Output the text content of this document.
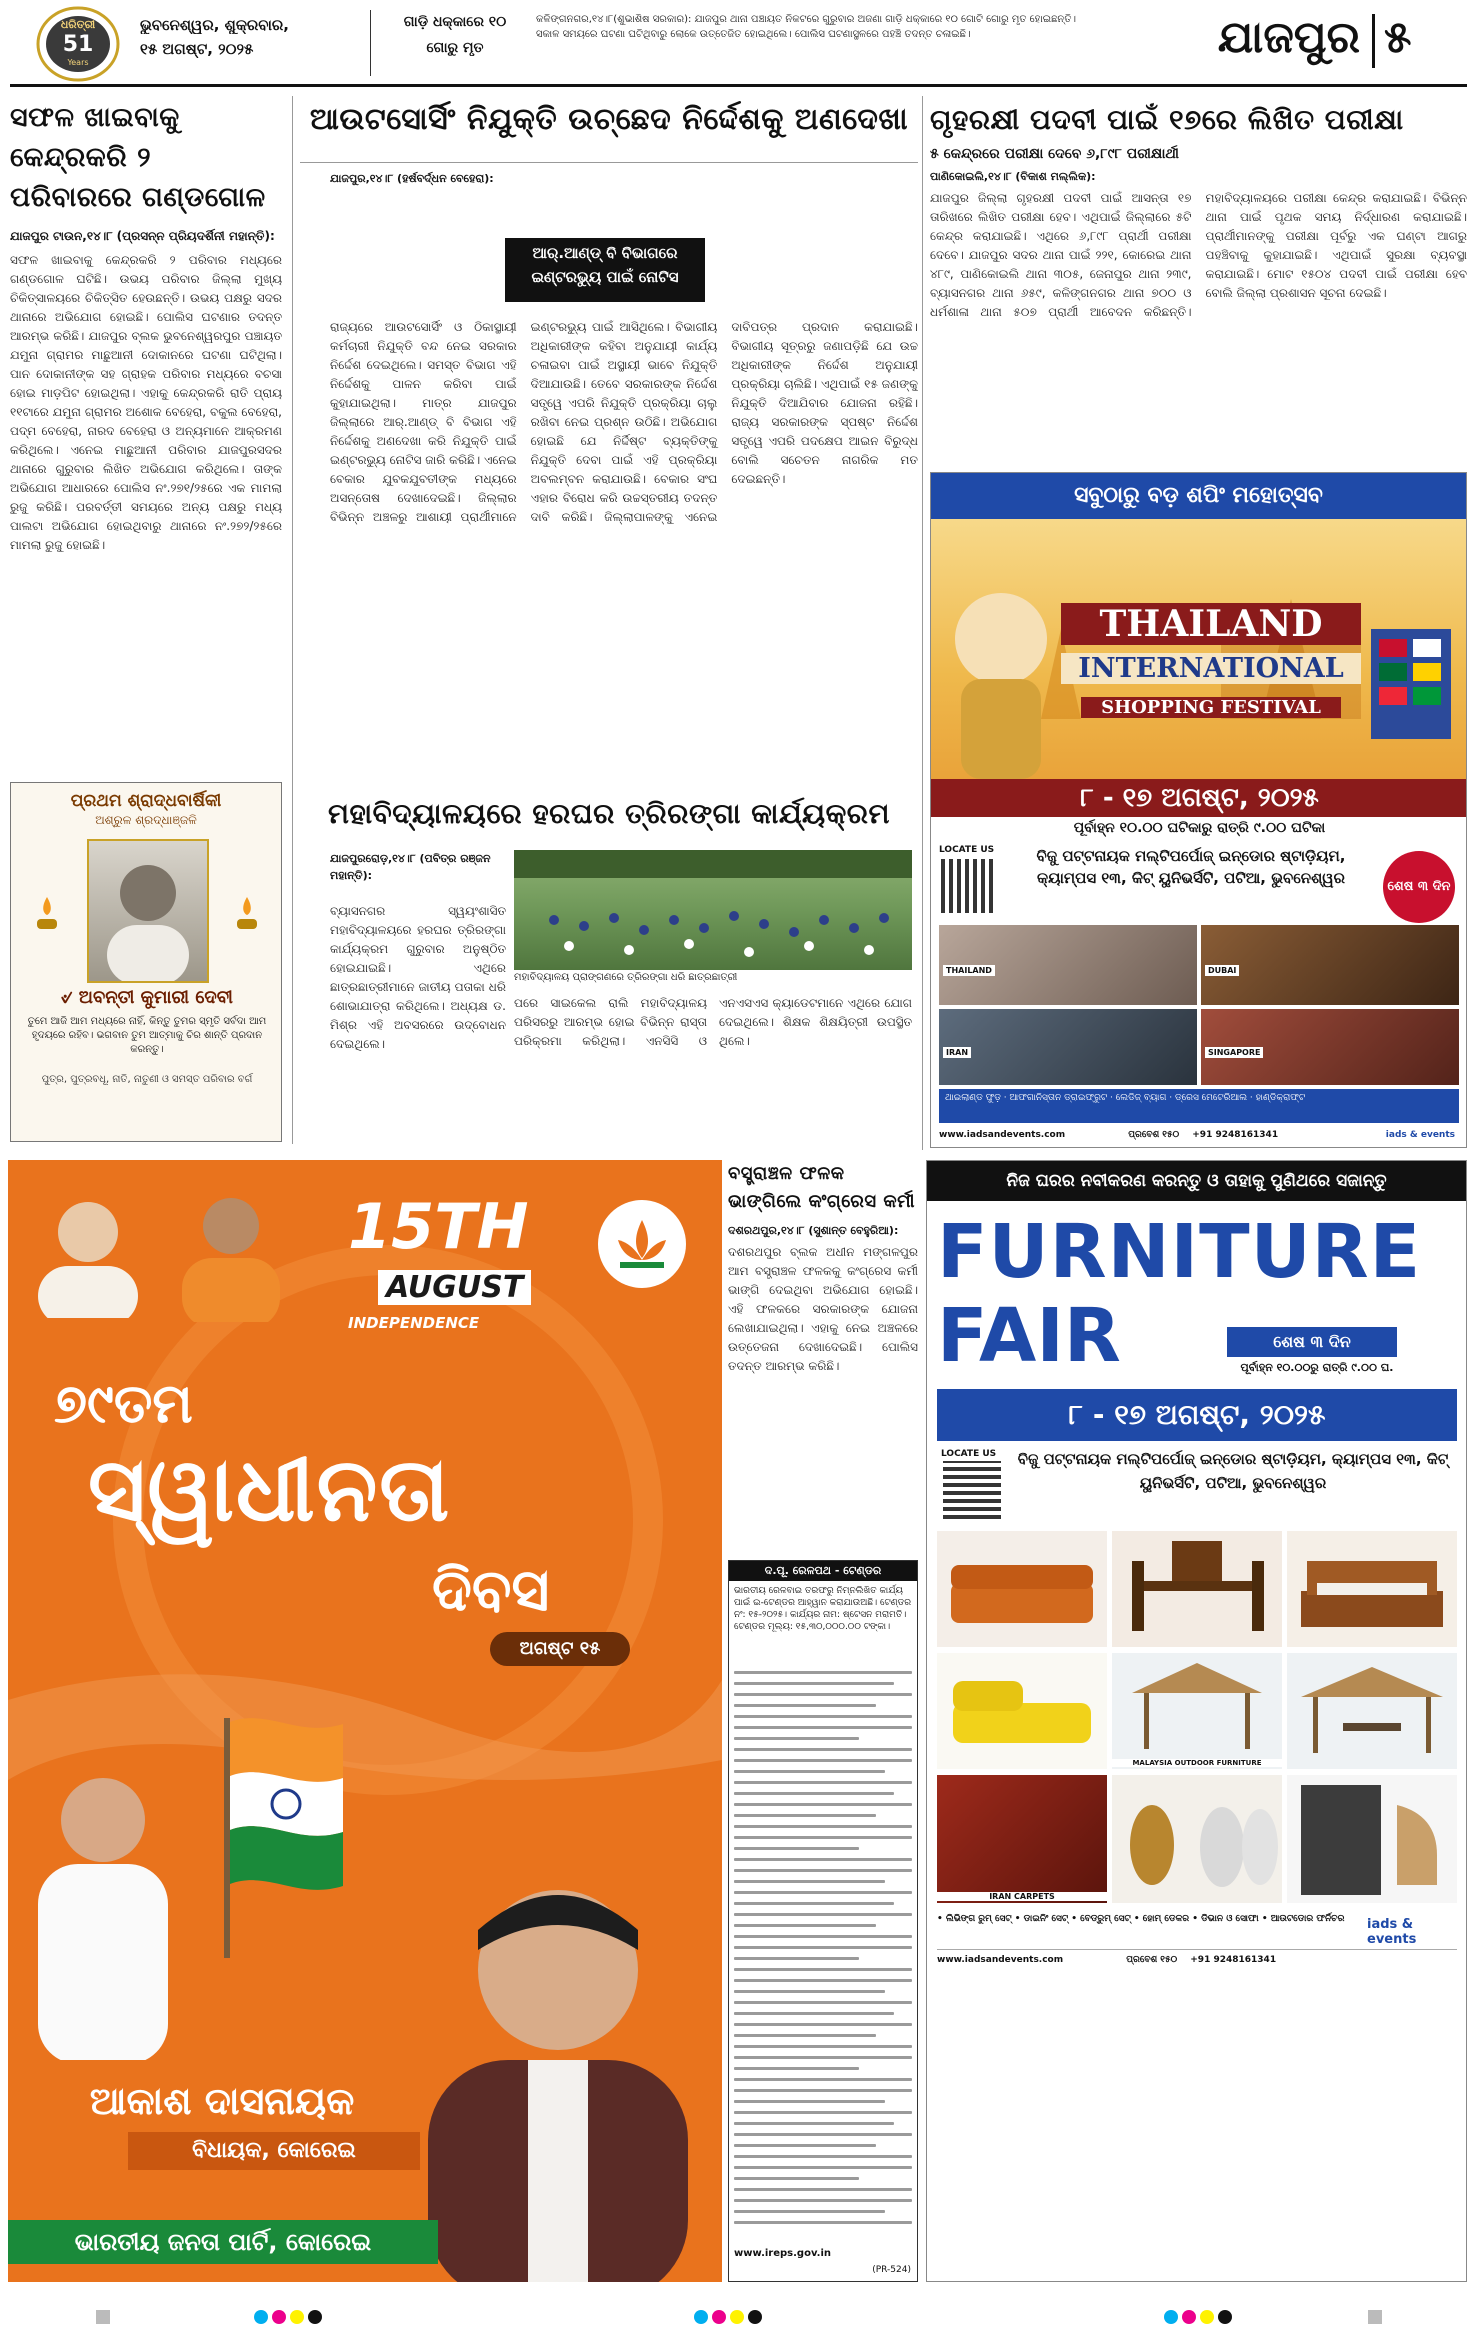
ଧରିତ୍ରୀ
51
Years
ଭୁବନେଶ୍ୱର, ଶୁକ୍ରବାର,
୧୫ ଅଗଷ୍ଟ, ୨୦୨୫
ଗାଡ଼ି ଧକ୍କାରେ ୧୦
ଗୋରୁ ମୃତ
କଳିଙ୍ଗନଗର,୧୪।୮(ଶୁଭାଶିଷ ସରକାର): ଯାଜପୁର ଥାନା ପଞ୍ଚାୟତ ନିକଟରେ ଗୁରୁବାର ଅଜଣା ଗାଡ଼ି ଧକ୍କାରେ ୧୦ ଗୋଟି ଗୋରୁ ମୃତ ହୋଇଛନ୍ତି। ସକାଳ ସମୟରେ ଘଟଣା ଘଟିଥିବାରୁ ଲୋକେ ଉତ୍ତେଜିତ ହୋଇଥିଲେ। ପୋଲିସ ଘଟଣାସ୍ଥଳରେ ପହଞ୍ଚି ତଦନ୍ତ ଚଳାଇଛି।	ଯାଜପୁର ୫
ସଫଳ ଖାଇବାକୁ କେନ୍ଦ୍ରକରି ୨ ପରିବାରରେ ଗଣ୍ଡଗୋଳ
ଯାଜପୁର ଟାଉନ,୧୪।୮ (ପ୍ରସନ୍ନ ପ୍ରିୟଦର୍ଶିନୀ ମହାନ୍ତି):
ସଫଳ ଖାଇବାକୁ କେନ୍ଦ୍ରକରି ୨ ପରିବାର ମଧ୍ୟରେ ଗଣ୍ଡଗୋଳ ଘଟିଛି। ଉଭୟ ପରିବାର ଜିଲ୍ଲା ମୁଖ୍ୟ ଚିକିତ୍ସାଳୟରେ ଚିକିତ୍ସିତ ହେଉଛନ୍ତି। ଉଭୟ ପକ୍ଷରୁ ସଦର ଥାନାରେ ଅଭିଯୋଗ ହୋଇଛି। ପୋଲିସ ଘଟଣାର ତଦନ୍ତ ଆରମ୍ଭ କରିଛି। ଯାଜପୁର ବ୍ଲକ ଭୁବନେଶ୍ୱରପୁର ପଞ୍ଚାୟତ ଯମୁନା ଗ୍ରାମର ମାଛୁଆନୀ ଦୋକାନରେ ଘଟଣା ଘଟିଥିଲା। ପାନ ଦୋକାନୀଙ୍କ ସହ ଗ୍ରାହକ ପରିବାର ମଧ୍ୟରେ ବଚସା ହୋଇ ମାଡ଼ପିଟ ହୋଇଥିଲା। ଏହାକୁ କେନ୍ଦ୍ରକରି ରାତି ପ୍ରାୟ ୧୧ଟାରେ ଯମୁନା ଗ୍ରାମର ଅଶୋକ ବେହେରା, ବକୁଲ ବେହେରା, ପଦ୍ମ ବେହେରା, ନାରଦ ବେହେରା ଓ ଅନ୍ୟମାନେ ଆକ୍ରମଣ କରିଥିଲେ। ଏନେଇ ମାଛୁଆନୀ ପରିବାର ଯାଜପୁରସଦର ଥାନାରେ ଗୁରୁବାର ଲିଖିତ ଅଭିଯୋଗ କରିଥିଲେ। ତାଙ୍କ ଅଭିଯୋଗ ଆଧାରରେ ପୋଲିସ ନଂ.୨୭୧/୨୫ରେ ଏକ ମାମଲା ରୁଜୁ କରିଛି। ପରବର୍ତ୍ତୀ ସମୟରେ ଅନ୍ୟ ପକ୍ଷରୁ ମଧ୍ୟ ପାଲଟା ଅଭିଯୋଗ ହୋଇଥିବାରୁ ଥାନାରେ ନଂ.୨୭୨/୨୫ରେ ମାମଲା ରୁଜୁ ହୋଇଛି।
ପ୍ରଥମ ଶ୍ରାଦ୍ଧବାର୍ଷିକୀ
ଅଶ୍ରୁଳ ଶ୍ରଦ୍ଧାଞ୍ଜଳି
୰ ଅବନ୍ତୀ କୁମାରୀ ଦେବୀ
ତୁମେ ଆଜି ଆମ ମଧ୍ୟରେ ନାହିଁ, କିନ୍ତୁ ତୁମର ସ୍ମୃତି ସର୍ବଦା ଆମ ହୃଦୟରେ ରହିବ। ଭଗବାନ ତୁମ ଆତ୍ମାକୁ ଚିର ଶାନ୍ତି ପ୍ରଦାନ କରନ୍ତୁ।
ପୁତ୍ର, ପୁତ୍ରବଧୂ, ନାତି, ନାତୁଣୀ ଓ ସମସ୍ତ ପରିବାର ବର୍ଗ
ଆଉଟସୋର୍ସିଂ ନିଯୁକ୍ତି ଉଚ୍ଛେଦ ନିର୍ଦ୍ଦେଶକୁ ଅଣଦେଖା
ଯାଜପୁର,୧୪।୮ (ହର୍ଷବର୍ଦ୍ଧନ ବେହେରା):
ଆର୍.ଆଣ୍ଡ୍ ବି ବିଭାଗରେ
ଇଣ୍ଟରଭ୍ୟୁ ପାଇଁ ନୋଟିସ
ରାଜ୍ୟରେ ଆଉଟସୋର୍ସିଂ ଓ ଠିକାସ୍ଥାୟୀ କର୍ମଚାରୀ ନିଯୁକ୍ତି ବନ୍ଦ ନେଇ ସରକାର ନିର୍ଦ୍ଦେଶ ଦେଇଥିଲେ। ସମସ୍ତ ବିଭାଗ ଏହି ନିର୍ଦ୍ଦେଶକୁ ପାଳନ କରିବା ପାଇଁ କୁହାଯାଇଥିଲା। ମାତ୍ର ଯାଜପୁର ଜିଲ୍ଲାରେ ଆର୍.ଆଣ୍ଡ୍ ବି ବିଭାଗ ଏହି ନିର୍ଦ୍ଦେଶକୁ ଅଣଦେଖା କରି ନିଯୁକ୍ତି ପାଇଁ ଇଣ୍ଟରଭ୍ୟୁ ନୋଟିସ ଜାରି କରିଛି। ଏନେଇ ବେକାର ଯୁବକଯୁବତୀଙ୍କ ମଧ୍ୟରେ ଅସନ୍ତୋଷ ଦେଖାଦେଇଛି। ଜିଲ୍ଲାର ବିଭିନ୍ନ ଅଞ୍ଚଳରୁ ଆଶାୟୀ ପ୍ରାର୍ଥୀମାନେ ଇଣ୍ଟରଭ୍ୟୁ ପାଇଁ ଆସିଥିଲେ। ବିଭାଗୀୟ ଅଧିକାରୀଙ୍କ କହିବା ଅନୁଯାୟୀ କାର୍ଯ୍ୟ ଚଳାଇବା ପାଇଁ ଅସ୍ଥାୟୀ ଭାବେ ନିଯୁକ୍ତି ଦିଆଯାଉଛି। ତେବେ ସରକାରଙ୍କ ନିର୍ଦ୍ଦେଶ ସତ୍ତ୍ୱେ ଏପରି ନିଯୁକ୍ତି ପ୍ରକ୍ରିୟା ଚାଲୁ ରଖିବା ନେଇ ପ୍ରଶ୍ନ ଉଠିଛି। ଅଭିଯୋଗ ହୋଇଛି ଯେ ନିର୍ଦ୍ଦିଷ୍ଟ ବ୍ୟକ୍ତିଙ୍କୁ ନିଯୁକ୍ତି ଦେବା ପାଇଁ ଏହି ପ୍ରକ୍ରିୟା ଅବଲମ୍ବନ କରାଯାଉଛି। ବେକାର ସଂଘ ଏହାର ବିରୋଧ କରି ଉଚ୍ଚସ୍ତରୀୟ ତଦନ୍ତ ଦାବି କରିଛି। ଜିଲ୍ଲାପାଳଙ୍କୁ ଏନେଇ ଦାବିପତ୍ର ପ୍ରଦାନ କରାଯାଇଛି। ବିଭାଗୀୟ ସୂତ୍ରରୁ ଜଣାପଡ଼ିଛି ଯେ ଉଚ୍ଚ ଅଧିକାରୀଙ୍କ ନିର୍ଦ୍ଦେଶ ଅନୁଯାୟୀ ପ୍ରକ୍ରିୟା ଚାଲିଛି। ଏଥିପାଇଁ ୧୫ ଜଣଙ୍କୁ ନିଯୁକ୍ତି ଦିଆଯିବାର ଯୋଜନା ରହିଛି। ରାଜ୍ୟ ସରକାରଙ୍କ ସ୍ପଷ୍ଟ ନିର୍ଦ୍ଦେଶ ସତ୍ତ୍ୱେ ଏପରି ପଦକ୍ଷେପ ଆଇନ ବିରୁଦ୍ଧ ବୋଲି ସଚେତନ ନାଗରିକ ମତ ଦେଇଛନ୍ତି।
ଗୃହରକ୍ଷୀ ପଦବୀ ପାଇଁ ୧୭ରେ ଲିଖିତ ପରୀକ୍ଷା
୫ କେନ୍ଦ୍ରରେ ପରୀକ୍ଷା ଦେବେ ୬,୮୯୮ ପରୀକ୍ଷାର୍ଥୀ
ପାଣିକୋଇଲି,୧୪।୮ (ବିକାଶ ମଲ୍ଲିକ):
ଯାଜପୁର ଜିଲ୍ଲା ଗୃହରକ୍ଷୀ ପଦବୀ ପାଇଁ ଆସନ୍ତା ୧୭ ତାରିଖରେ ଲିଖିତ ପରୀକ୍ଷା ହେବ। ଏଥିପାଇଁ ଜିଲ୍ଲାରେ ୫ଟି କେନ୍ଦ୍ର କରାଯାଇଛି। ଏଥିରେ ୬,୮୯୮ ପ୍ରାର୍ଥୀ ପରୀକ୍ଷା ଦେବେ। ଯାଜପୁର ସଦର ଥାନା ପାଇଁ ୨୨୧, କୋରେଇ ଥାନା ୪୮୯, ପାଣିକୋଇଲି ଥାନା ୩୦୫, ଜେନାପୁର ଥାନା ୨୩୯, ବ୍ୟାସନଗର ଥାନା ୬୫୯, କଳିଙ୍ଗନଗର ଥାନା ୭୦୦ ଓ ଧର୍ମଶାଳା ଥାନା ୫୦୭ ପ୍ରାର୍ଥୀ ଆବେଦନ କରିଛନ୍ତି। ମହାବିଦ୍ୟାଳୟରେ ପରୀକ୍ଷା କେନ୍ଦ୍ର କରାଯାଇଛି। ବିଭିନ୍ନ ଥାନା ପାଇଁ ପୃଥକ ସମୟ ନିର୍ଦ୍ଧାରଣ କରାଯାଇଛି। ପ୍ରାର୍ଥୀମାନଙ୍କୁ ପରୀକ୍ଷା ପୂର୍ବରୁ ଏକ ଘଣ୍ଟା ଆଗରୁ ପହଞ୍ଚିବାକୁ କୁହାଯାଇଛି। ଏଥିପାଇଁ ସୁରକ୍ଷା ବ୍ୟବସ୍ଥା କରାଯାଇଛି। ମୋଟ ୧୫୦୪ ପଦବୀ ପାଇଁ ପରୀକ୍ଷା ହେବ ବୋଲି ଜିଲ୍ଲା ପ୍ରଶାସନ ସୂଚନା ଦେଇଛି।
ସବୁଠାରୁ ବଡ଼ ଶପିଂ ମହୋତ୍ସବ
THAILAND
INTERNATIONAL
SHOPPING FESTIVAL
୮ - ୧୭ ଅଗଷ୍ଟ, ୨୦୨୫
ପୂର୍ବାହ୍ନ ୧୦.୦୦ ଘଟିକାରୁ ରାତ୍ରି ୯.୦୦ ଘଟିକା
LOCATE US	ବିଜୁ ପଟ୍ଟନାୟକ ମଲ୍ଟିପର୍ପୋଜ୍ ଇନ୍‌ଡୋର ଷ୍ଟାଡ଼ିୟମ, କ୍ୟାମ୍ପସ ୧୩, କିଟ୍ ୟୁନିଭର୍ସିଟି, ପଟିଆ, ଭୁବନେଶ୍ୱର	ଶେଷ ୩ ଦିନ
THAILAND	DUBAI
IRAN	SINGAPORE
ଥାଇଲାଣ୍ଡ ଫୁଡ଼ · ଆଫଗାନିସ୍ତାନ ଡ୍ରାଇଫ୍ରୁଟ · ଲେଡିଜ୍ ବ୍ୟାଗ · ଡ୍ରେସ ମେଟେରିଆଲ · ହାଣ୍ଡିକ୍ରାଫ୍ଟ
www.iadsandevents.com	ପ୍ରବେଶ ୧୫୦ +91 9248161341	iads & events
ମହାବିଦ୍ୟାଳୟରେ ହରଘର ତ୍ରିରଙ୍ଗା କାର୍ଯ୍ୟକ୍ରମ
ଯାଜପୁରରୋଡ଼,୧୪।୮ (ପବିତ୍ର ରଞ୍ଜନ ମହାନ୍ତି):
ବ୍ୟାସନଗର ସ୍ୱୟଂଶାସିତ ମହାବିଦ୍ୟାଳୟରେ ହରଘର ତ୍ରିରଙ୍ଗା କାର୍ଯ୍ୟକ୍ରମ ଗୁରୁବାର ଅନୁଷ୍ଠିତ ହୋଇଯାଇଛି। ଏଥିରେ ଛାତ୍ରଛାତ୍ରୀମାନେ ଜାତୀୟ ପତାକା ଧରି ଶୋଭାଯାତ୍ରା କରିଥିଲେ। ଅଧ୍ୟକ୍ଷ ଡ. ମିଶ୍ର ଏହି ଅବସରରେ ଉଦ୍‌ବୋଧନ ଦେଇଥିଲେ।
ମହାବିଦ୍ୟାଳୟ ପ୍ରାଙ୍ଗଣରେ ତ୍ରିରଙ୍ଗା ଧରି ଛାତ୍ରଛାତ୍ରୀ
ପରେ ସାଇକେଲ ରାଲି ମହାବିଦ୍ୟାଳୟ ପରିସରରୁ ଆରମ୍ଭ ହୋଇ ବିଭିନ୍ନ ରାସ୍ତା ପରିକ୍ରମା କରିଥିଲା। ଏନସିସି ଓ ଏନଏସଏସ କ୍ୟାଡେଟମାନେ ଏଥିରେ ଯୋଗ ଦେଇଥିଲେ। ଶିକ୍ଷକ ଶିକ୍ଷୟିତ୍ରୀ ଉପସ୍ଥିତ ଥିଲେ।
15TH
AUGUST
INDEPENDENCE
୭୯ତମ
ସ୍ୱାଧୀନତା
ଦିବସ
ଅଗଷ୍ଟ ୧୫
ଆକାଶ ଦାସନାୟକ
ବିଧାୟକ, କୋରେଇ
ଭାରତୀୟ ଜନତା ପାର୍ଟି, କୋରେଇ
ବସ୍ତ୍ରାଞ୍ଚଳ ଫଳକ ଭାଙ୍ଗିଲେ କଂଗ୍ରେସ କର୍ମୀ
ଦଶରଥପୁର,୧୪।୮ (ସୁଶାନ୍ତ ବେହୁରିଆ):
ଦଶରଥପୁର ବ୍ଲକ ଅଧୀନ ମଙ୍ଗଳପୁର ଆମ ବସ୍ତ୍ରାଞ୍ଚଳ ଫଳକକୁ କଂଗ୍ରେସ କର୍ମୀ ଭାଙ୍ଗି ଦେଇଥିବା ଅଭିଯୋଗ ହୋଇଛି। ଏହି ଫଳକରେ ସରକାରଙ୍କ ଯୋଜନା ଲେଖାଯାଇଥିଲା। ଏହାକୁ ନେଇ ଅଞ୍ଚଳରେ ଉତ୍ତେଜନା ଦେଖାଦେଇଛି। ପୋଲିସ ତଦନ୍ତ ଆରମ୍ଭ କରିଛି।
ଦ.ପୂ. ରେଳପଥ - ଟେଣ୍ଡର
ଭାରତୀୟ ରେଳବାଇ ତରଫରୁ ନିମ୍ନଲିଖିତ କାର୍ଯ୍ୟ ପାଇଁ ଇ-ଟେଣ୍ଡର ଆହ୍ୱାନ କରାଯାଉଅଛି। ଟେଣ୍ଡର ନଂ: ୧୫-୨୦୨୫। କାର୍ଯ୍ୟର ନାମ: ଷ୍ଟେସନ ମରାମତି। ଟେଣ୍ଡର ମୂଲ୍ୟ: ୧୫,୩୦,୦୦୦.୦୦ ଟଙ୍କା।
www.ireps.gov.in
(PR-524)
ନିଜ ଘରର ନବୀକରଣ କରନ୍ତୁ ଓ ତାହାକୁ ପୁଣିଥରେ ସଜାନ୍ତୁ
FURNITURE
FAIR	ଶେଷ ୩ ଦିନ
ପୂର୍ବାହ୍ନ ୧୦.୦୦ରୁ ରାତ୍ରି ୯.୦୦ ଘ.
୮ - ୧୭ ଅଗଷ୍ଟ, ୨୦୨୫
LOCATE US	ବିଜୁ ପଟ୍ଟନାୟକ ମଲ୍ଟିପର୍ପୋଜ୍ ଇନ୍‌ଡୋର ଷ୍ଟାଡ଼ିୟମ, କ୍ୟାମ୍ପସ ୧୩, କିଟ୍ ୟୁନିଭର୍ସିଟି, ପଟିଆ, ଭୁବନେଶ୍ୱର
MALAYSIA OUTDOOR FURNITURE
IRAN CARPETS
• ଲିଭିଙ୍ଗ ରୁମ୍ ସେଟ୍ • ଡାଇନିଂ ସେଟ୍ • ବେଡ୍‌ରୁମ୍ ସେଟ୍ • ହୋମ୍ ଡେକର • ଡିଭାନ ଓ ସୋଫା • ଆଉଟଡୋର ଫର୍ନିଚର	iads & events
www.iadsandevents.com	ପ୍ରବେଶ ୧୫୦ +91 9248161341
